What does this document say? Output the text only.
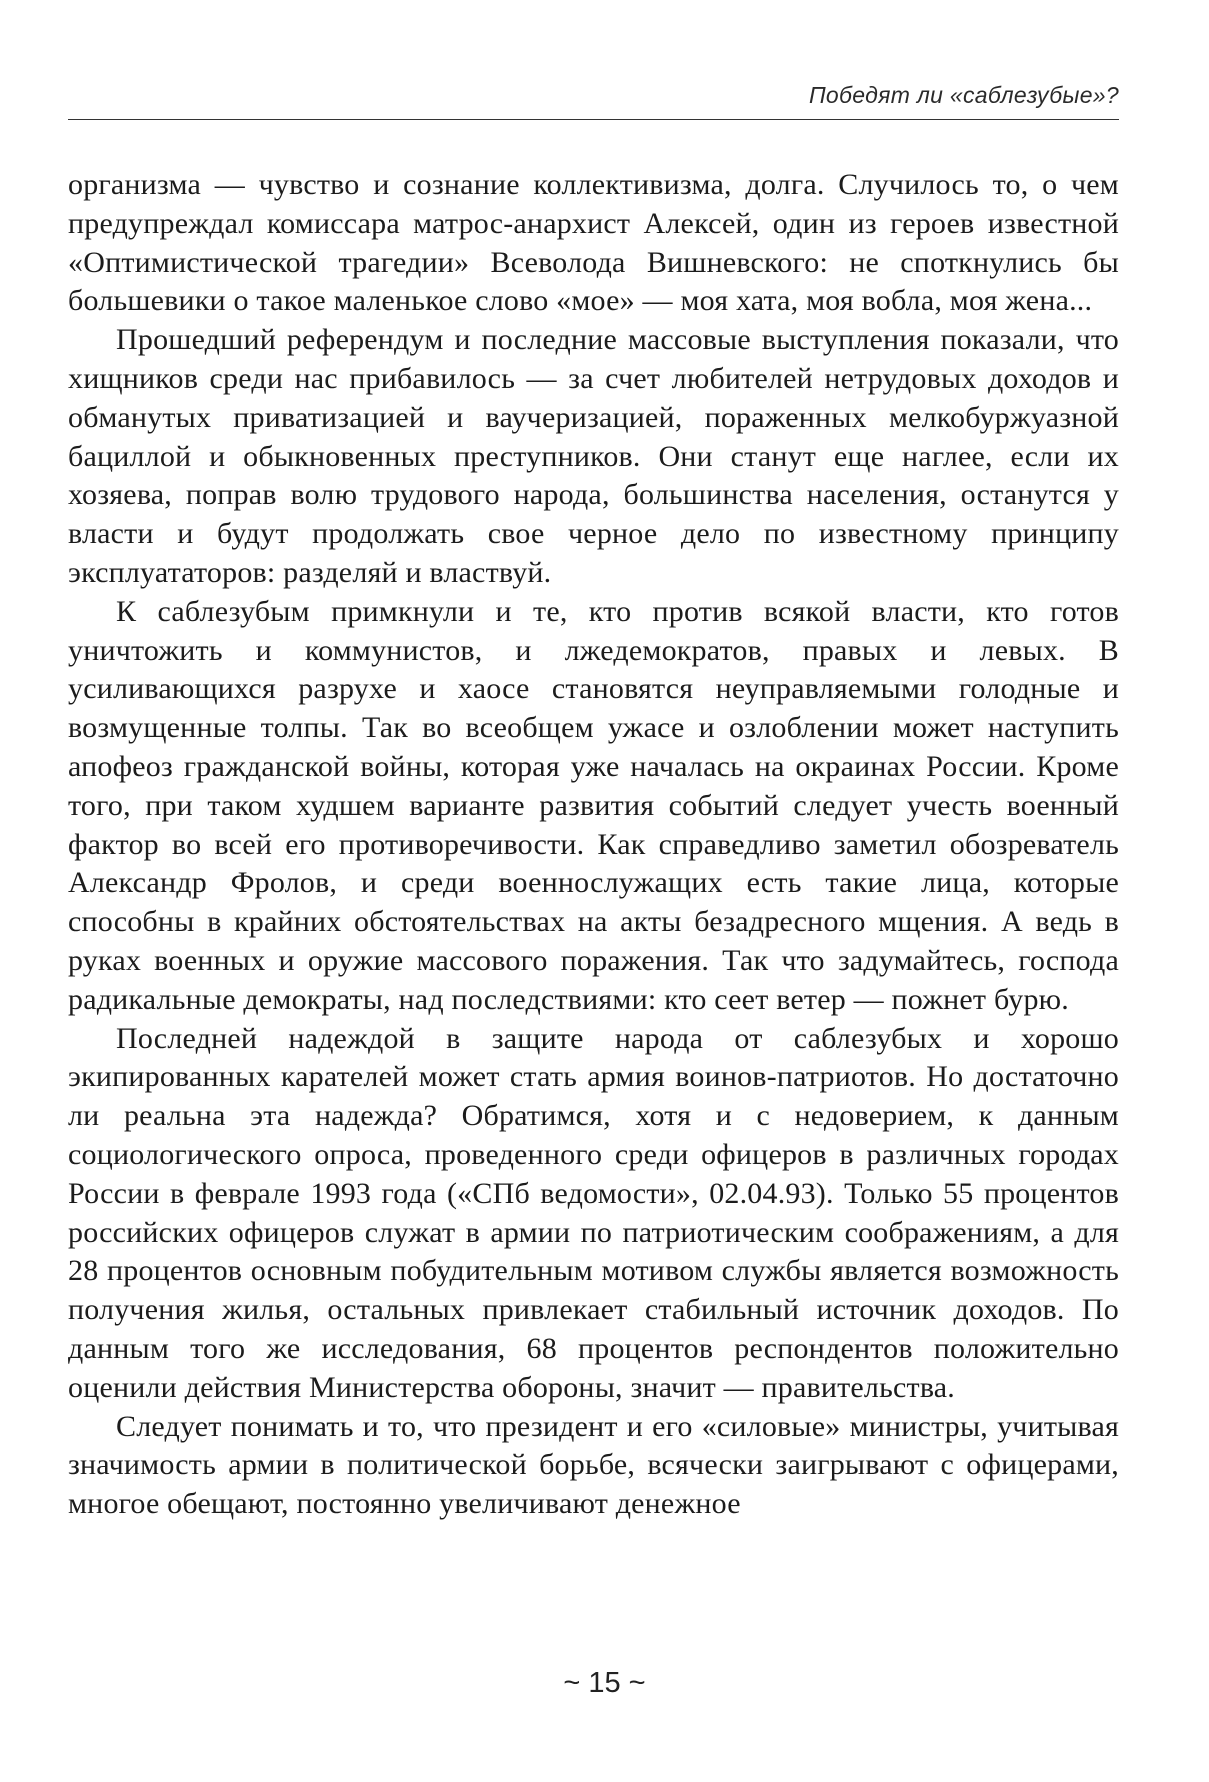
Победят ли «саблезубые»?

организма — чувство и сознание коллективизма, долга. Случилось то, о чем предупреждал комиссара матрос-анархист Алексей, один из героев известной «Оптимистической трагедии» Всеволода Вишневского: не споткнулись бы большевики о такое маленькое слово «мое» — моя хата, моя вобла, моя жена...

Прошедший референдум и последние массовые выступления показали, что хищников среди нас прибавилось — за счет любителей нетрудовых доходов и обманутых приватизацией и ваучеризацией, пораженных мелкобуржуазной бациллой и обыкновенных преступников. Они станут еще наглее, если их хозяева, поправ волю трудового народа, большинства населения, останутся у власти и будут продолжать свое черное дело по известному принципу эксплуататоров: разделяй и властвуй.

К саблезубым примкнули и те, кто против всякой власти, кто готов уничтожить и коммунистов, и лжедемократов, правых и левых. В усиливающихся разрухе и хаосе становятся неуправляемыми голодные и возмущенные толпы. Так во всеобщем ужасе и озлоблении может наступить апофеоз гражданской войны, которая уже началась на окраинах России. Кроме того, при таком худшем варианте развития событий следует учесть военный фактор во всей его противоречивости. Как справедливо заметил обозреватель Александр Фролов, и среди военнослужащих есть такие лица, которые способны в крайних обстоятельствах на акты безадресного мщения. А ведь в руках военных и оружие массового поражения. Так что задумайтесь, господа радикальные демократы, над последствиями: кто сеет ветер — пожнет бурю.

Последней надеждой в защите народа от саблезубых и хорошо экипированных карателей может стать армия воинов-патриотов. Но достаточно ли реальна эта надежда? Обратимся, хотя и с недоверием, к данным социологического опроса, проведенного среди офицеров в различных городах России в феврале 1993 года («СПб ведомости», 02.04.93). Только 55 процентов российских офицеров служат в армии по патриотическим соображениям, а для 28 процентов основным побудительным мотивом службы является возможность получения жилья, остальных привлекает стабильный источник доходов. По данным того же исследования, 68 процентов респондентов положительно оценили действия Министерства обороны, значит — правительства.

Следует понимать и то, что президент и его «силовые» министры, учитывая значимость армии в политической борьбе, всячески заигрывают с офицерами, многое обещают, постоянно увеличивают денежное

~ 15 ~
